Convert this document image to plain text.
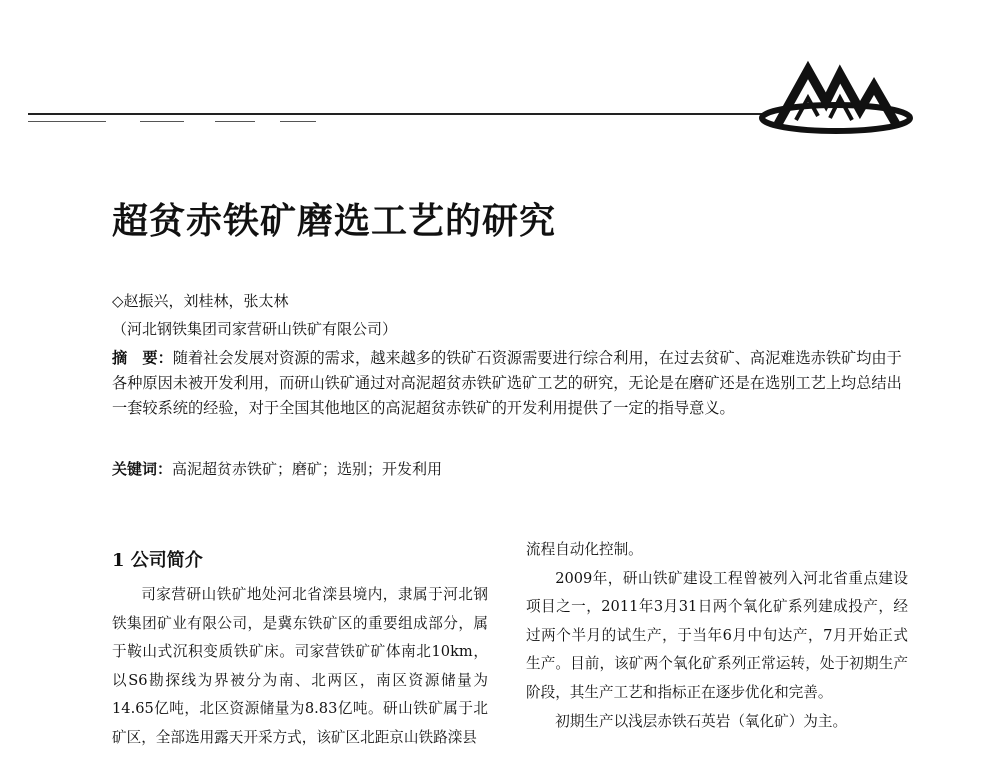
超贫赤铁矿磨选工艺的研究
◇赵振兴，刘桂林，张太林
（河北钢铁集团司家营研山铁矿有限公司）
摘　要：随着社会发展对资源的需求，越来越多的铁矿石资源需要进行综合利用，在过去贫矿、高泥难选赤铁矿均由于各种原因未被开发利用，而研山铁矿通过对高泥超贫赤铁矿选矿工艺的研究，无论是在磨矿还是在选别工艺上均总结出一套较系统的经验，对于全国其他地区的高泥超贫赤铁矿的开发利用提供了一定的指导意义。
关键词：高泥超贫赤铁矿；磨矿；选别；开发利用
1 公司简介

司家营研山铁矿地处河北省滦县境内，隶属于河北钢铁集团矿业有限公司，是冀东铁矿区的重要组成部分，属于鞍山式沉积变质铁矿床。司家营铁矿矿体南北10km，以S6勘探线为界被分为南、北两区，南区资源储量为14.65亿吨，北区资源储量为8.83亿吨。研山铁矿属于北矿区，全部选用露天开采方式，该矿区北距京山铁路滦县

流程自动化控制。

2009年，研山铁矿建设工程曾被列入河北省重点建设项目之一，2011年3月31日两个氧化矿系列建成投产，经过两个半月的试生产，于当年6月中旬达产，7月开始正式生产。目前，该矿两个氧化矿系列正常运转，处于初期生产阶段，其生产工艺和指标正在逐步优化和完善。

初期生产以浅层赤铁石英岩（氧化矿）为主。
